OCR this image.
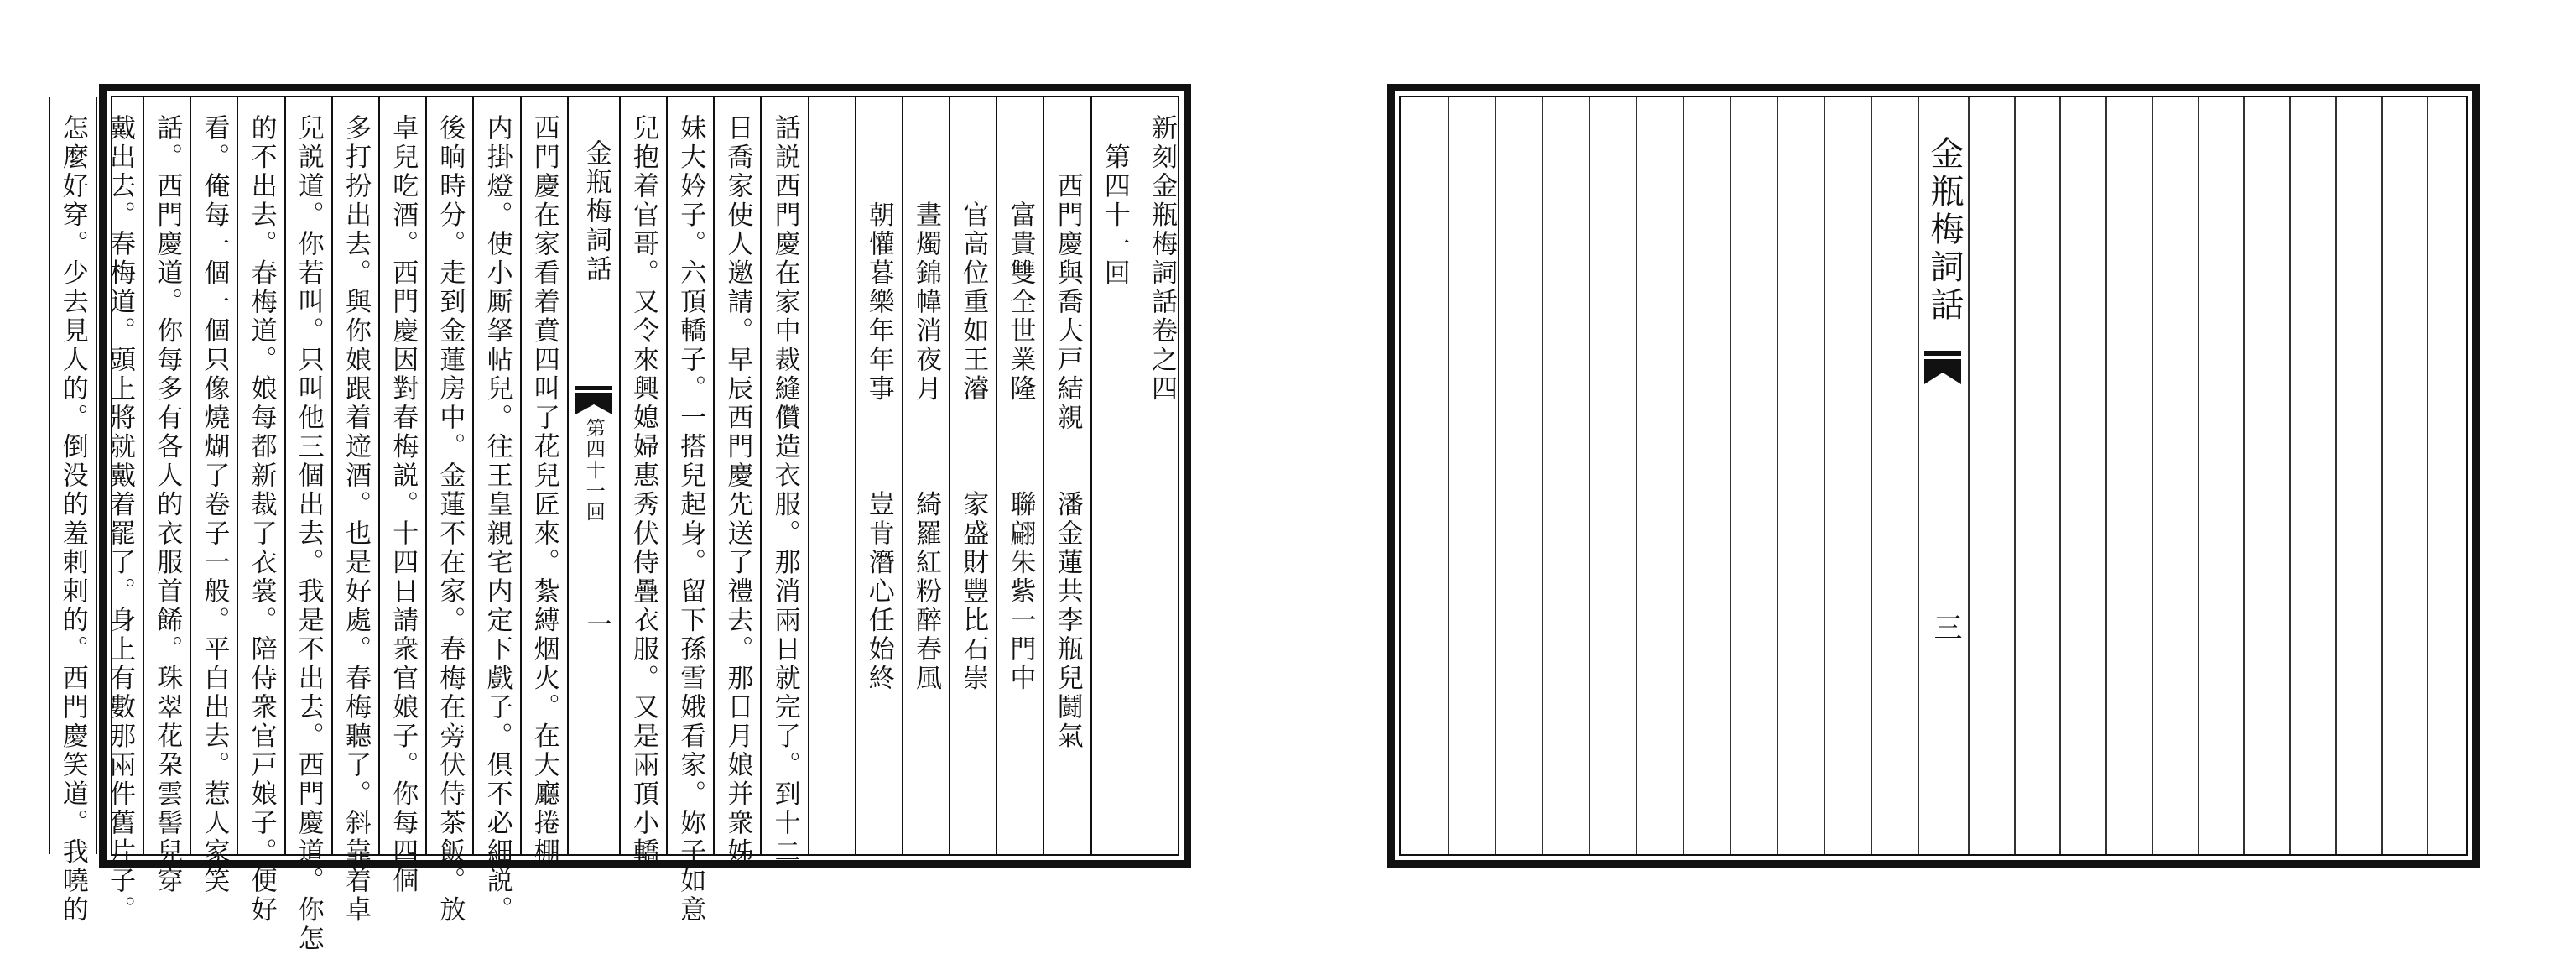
新刻金瓶梅詞話卷之四
　第四十一回
　　西門慶與喬大戸結親　　潘金蓮共李瓶兒鬪氣
　　　富貴雙全世業隆　　　聯翩朱紫一門中
　　　官高位重如王濬　　　家盛財豐比石崇
　　　晝燭錦幃消夜月　　　綺羅紅粉醉春風
　　　朝懽暮樂年年事　　　豈肯潛心任始終
話説西門慶在家中裁縫儹造衣服。那消兩日就完了。到十二
日喬家使人邀請。早辰西門慶先送了禮去。那日月娘并衆姊
妹大妗子。六頂轎子。一搭兒起身。留下孫雪娥看家。妳子如意
兒抱着官哥。又令來興媳婦惠秀伏侍疊衣服。又是兩頂小轎
金瓶梅詞話
第四十一回
一
西門慶在家看着賁四叫了花兒匠來。紮縛烟火。在大廳捲棚
内掛燈。使小厮拏帖兒。往王皇親宅内定下戲子。俱不必細説。
後晌時分。走到金蓮房中。金蓮不在家。春梅在旁伏侍茶飯。放
卓兒吃酒。西門慶因對春梅説。十四日請衆官娘子。你每四個
多打扮出去。與你娘跟着遆酒。也是好處。春梅聽了。斜靠着卓
兒説道。你若叫。只叫他三個出去。我是不出去。西門慶道。你怎
的不出去。春梅道。娘每都新裁了衣裳。陪侍衆官戸娘子。便好
看。俺每一個一個只像燒煳了卷子一般。平白出去。惹人家笑
話。西門慶道。你每多有各人的衣服首餙。珠翠花朶雲髻兒穿
戴出去。春梅道。頭上將就戴着罷了。身上有數那兩件舊片子。
怎麼好穿。少去見人的。倒没的羞剌剌的。西門慶笑道。我曉的	金瓶梅詞話
三
